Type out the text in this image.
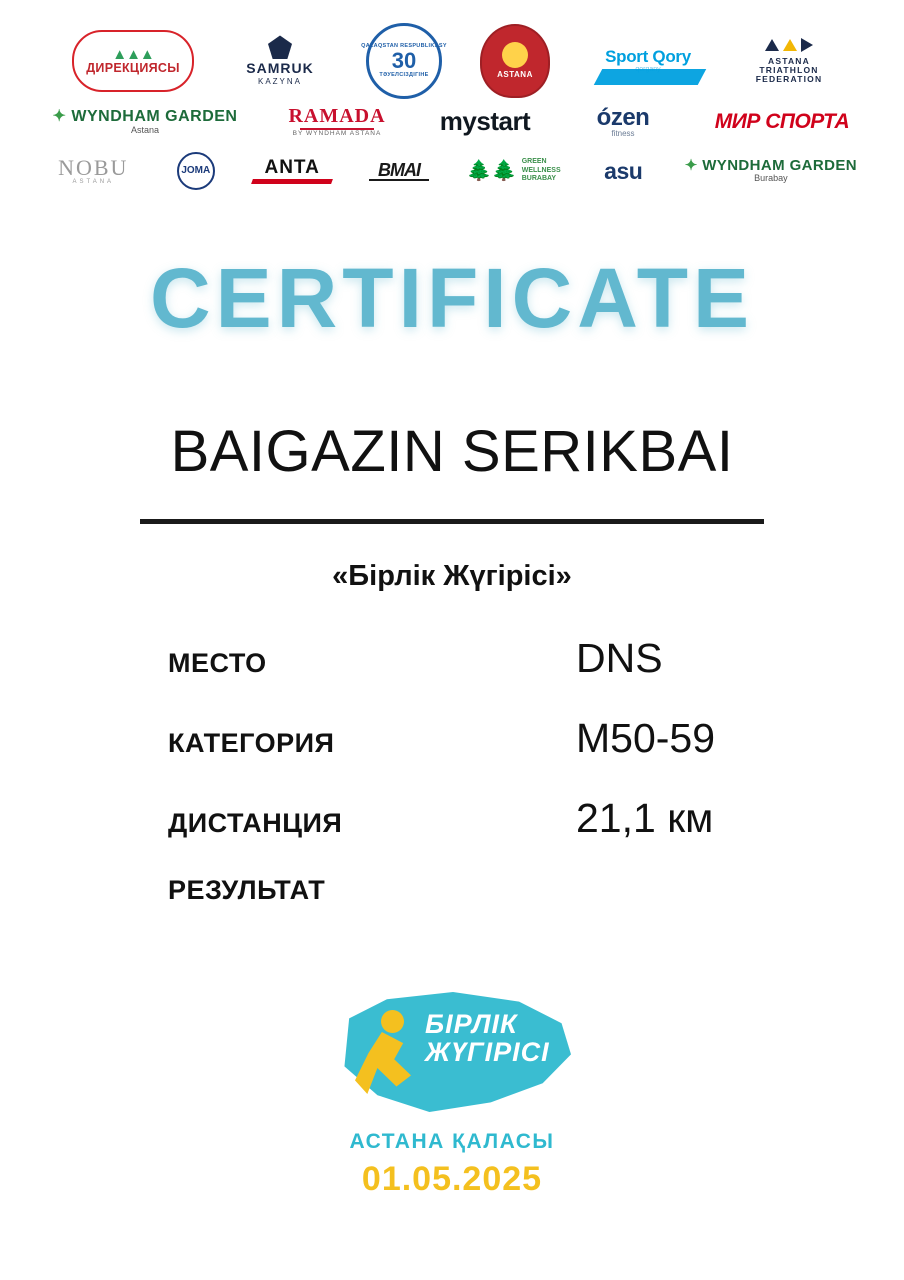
▲▲▲
ДИРЕКЦИЯСЫ	SAMRUK
KAZYNA
QAZAQSTAN RESPUBLIKASY
30
ТӘУЕЛСІЗДІГІНЕ	ASTANA
Sport Qory	ASTANA
TRIATHLON
FEDERATION
✦ WYNDHAM GARDEN
Astana
RAMADA
BY WYNDHAM ASTANA mystart	ózen
fitness
МИР СПОРТА
NOBU
ASTANA
JOMA	ANTA	BMAI 🌲🌲 GREEN
WELLNESS
BURABAY asu	✦ WYNDHAM GARDEN
Burabay
CERTIFICATE
BAIGAZIN SERIKBAI
«Бірлік Жүгірісі»
МЕСТО	DNS
КАТЕГОРИЯ	M50-59
ДИСТАНЦИЯ	21,1 км
РЕЗУЛЬТАТ
БІРЛІК
ЖҮГІРІСІ
АСТАНА ҚАЛАСЫ
01.05.2025
